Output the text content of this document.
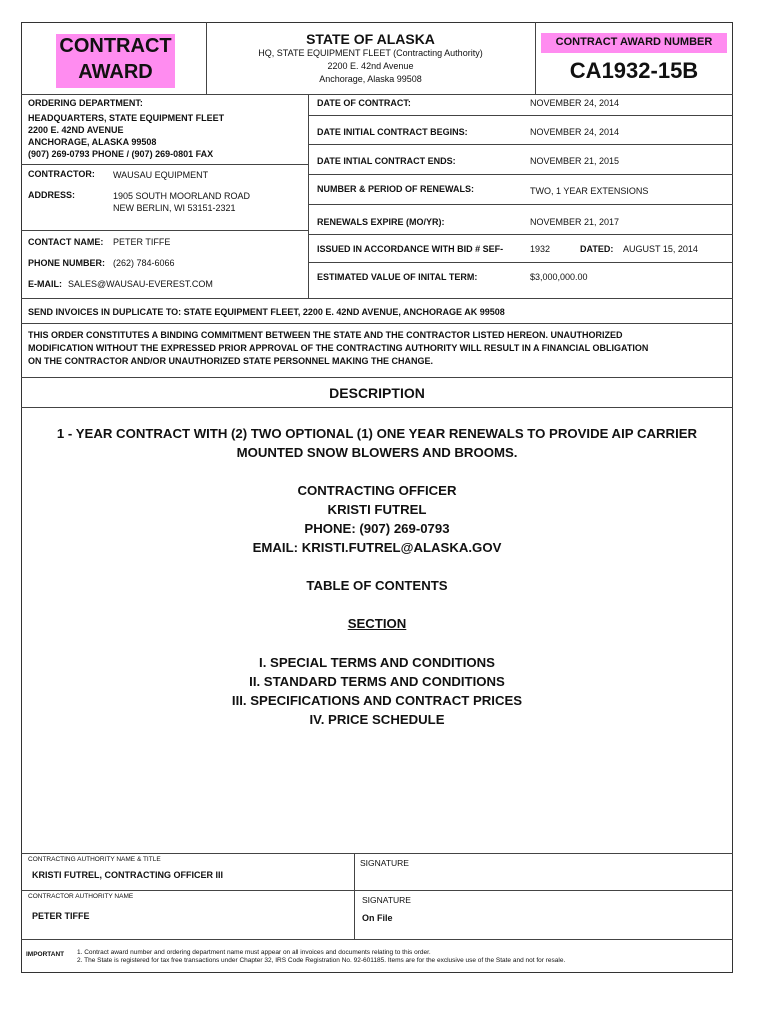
CONTRACT
AWARD
STATE OF ALASKA
HQ, STATE EQUIPMENT FLEET (Contracting Authority)
2200 E. 42nd Avenue
Anchorage, Alaska 99508
CONTRACT AWARD NUMBER
CA1932-15B
ORDERING DEPARTMENT:
HEADQUARTERS, STATE EQUIPMENT FLEET
2200 E. 42ND AVENUE
ANCHORAGE, ALASKA 99508
(907) 269-0793 PHONE / (907) 269-0801 FAX
CONTRACTOR: WAUSAU EQUIPMENT
ADDRESS:	1905 SOUTH MOORLAND ROAD
NEW BERLIN, WI 53151-2321
CONTACT NAME: PETER TIFFE
PHONE NUMBER: (262) 784-6066
E-MAIL: SALES@WAUSAU-EVEREST.COM
DATE OF CONTRACT:	NOVEMBER 24, 2014
DATE INITIAL CONTRACT BEGINS:	NOVEMBER 24, 2014
DATE INTIAL CONTRACT ENDS:	NOVEMBER 21, 2015
NUMBER & PERIOD OF RENEWALS:	TWO, 1 YEAR EXTENSIONS
RENEWALS EXPIRE (MO/YR):	NOVEMBER 21, 2017
ISSUED IN ACCORDANCE WITH BID # SEF-	1932	DATED: AUGUST 15, 2014
ESTIMATED VALUE OF INITAL TERM:	$3,000,000.00
SEND INVOICES IN DUPLICATE TO: STATE EQUIPMENT FLEET, 2200 E. 42ND AVENUE, ANCHORAGE AK 99508
THIS ORDER CONSTITUTES A BINDING COMMITMENT BETWEEN THE STATE AND THE CONTRACTOR LISTED HEREON. UNAUTHORIZED
MODIFICATION WITHOUT THE EXPRESSED PRIOR APPROVAL OF THE CONTRACTING AUTHORITY WILL RESULT IN A FINANCIAL OBLIGATION
ON THE CONTRACTOR AND/OR UNAUTHORIZED STATE PERSONNEL MAKING THE CHANGE.
DESCRIPTION
1 - YEAR CONTRACT WITH (2) TWO OPTIONAL (1) ONE YEAR RENEWALS TO PROVIDE AIP CARRIER
MOUNTED SNOW BLOWERS AND BROOMS.
CONTRACTING OFFICER
KRISTI FUTREL
PHONE: (907) 269-0793
EMAIL: KRISTI.FUTREL@ALASKA.GOV
TABLE OF CONTENTS
SECTION
I. SPECIAL TERMS AND CONDITIONS
II. STANDARD TERMS AND CONDITIONS
III. SPECIFICATIONS AND CONTRACT PRICES
IV. PRICE SCHEDULE
CONTRACTING AUTHORITY NAME & TITLE
KRISTI FUTREL, CONTRACTING OFFICER III
SIGNATURE
CONTRACTOR AUTHORITY NAME
PETER TIFFE
SIGNATURE
On File
IMPORTANT 1. Contract award number and ordering department name must appear on all invoices and documents relating to this order.
2. The State is registered for tax free transactions under Chapter 32, IRS Code Registration No. 92-601185. Items are for the exclusive use of the State and not for resale.
